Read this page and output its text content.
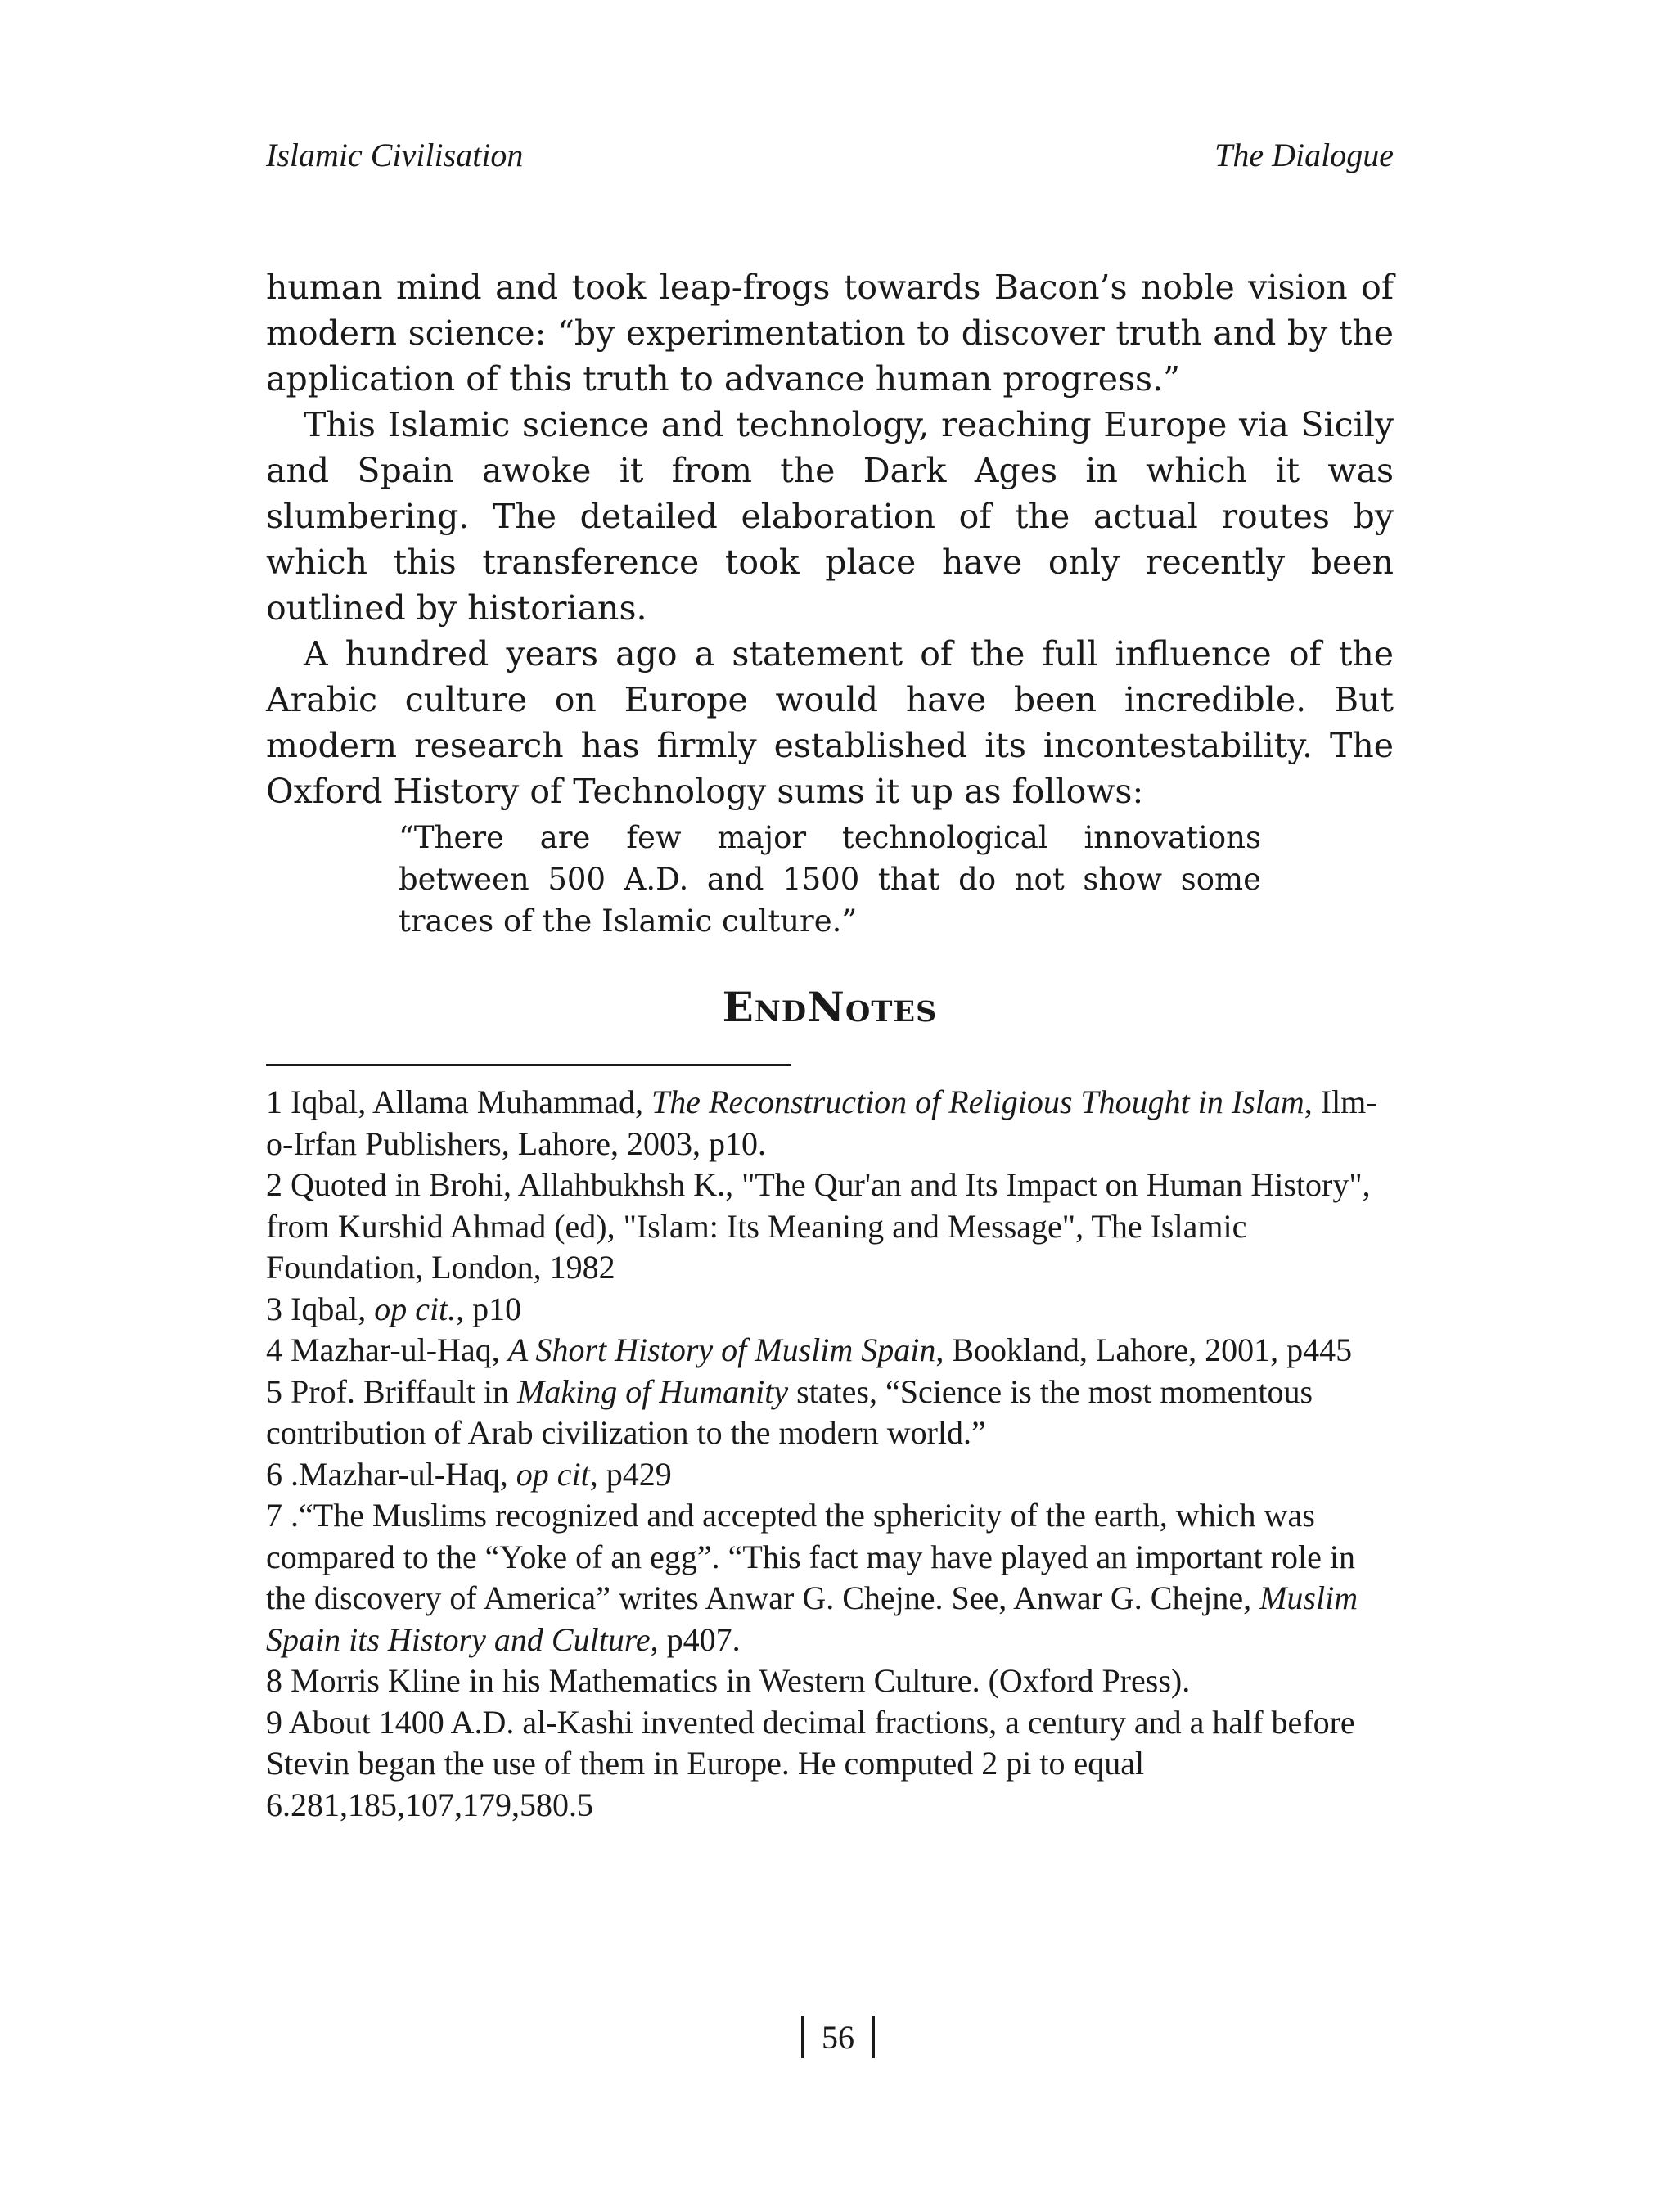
Islamic Civilisation	The Dialogue

human mind and took leap-frogs towards Bacon’s noble vision of modern science: “by experimentation to discover truth and by the application of this truth to advance human progress.”

This Islamic science and technology, reaching Europe via Sicily and Spain awoke it from the Dark Ages in which it was slumbering. The detailed elaboration of the actual routes by which this transference took place have only recently been outlined by historians.

A hundred years ago a statement of the full influence of the Arabic culture on Europe would have been incredible. But modern research has firmly established its incontestability. The Oxford History of Technology sums it up as follows:

“There are few major technological innovations between 500 A.D. and 1500 that do not show some traces of the Islamic culture.”
EndNotes

1 Iqbal, Allama Muhammad, The Reconstruction of Religious Thought in Islam, Ilm-o-Irfan Publishers, Lahore, 2003, p10.

2 Quoted in Brohi, Allahbukhsh K., "The Qur'an and Its Impact on Human History", from Kurshid Ahmad (ed), "Islam: Its Meaning and Message", The Islamic Foundation, London, 1982

3 Iqbal, op cit., p10

4 Mazhar-ul-Haq, A Short History of Muslim Spain, Bookland, Lahore, 2001, p445

5 Prof. Briffault in Making of Humanity states, “Science is the most momentous contribution of Arab civilization to the modern world.”

6 .Mazhar-ul-Haq, op cit, p429

7 .“The Muslims recognized and accepted the sphericity of the earth, which was compared to the “Yoke of an egg”. “This fact may have played an important role in the discovery of America” writes Anwar G. Chejne. See, Anwar G. Chejne, Muslim Spain its History and Culture, p407.

8 Morris Kline in his Mathematics in Western Culture. (Oxford Press).

9 About 1400 A.D. al-Kashi invented decimal fractions, a century and a half before Stevin began the use of them in Europe. He computed 2 pi to equal 6.281,185,107,179,580.5

56
